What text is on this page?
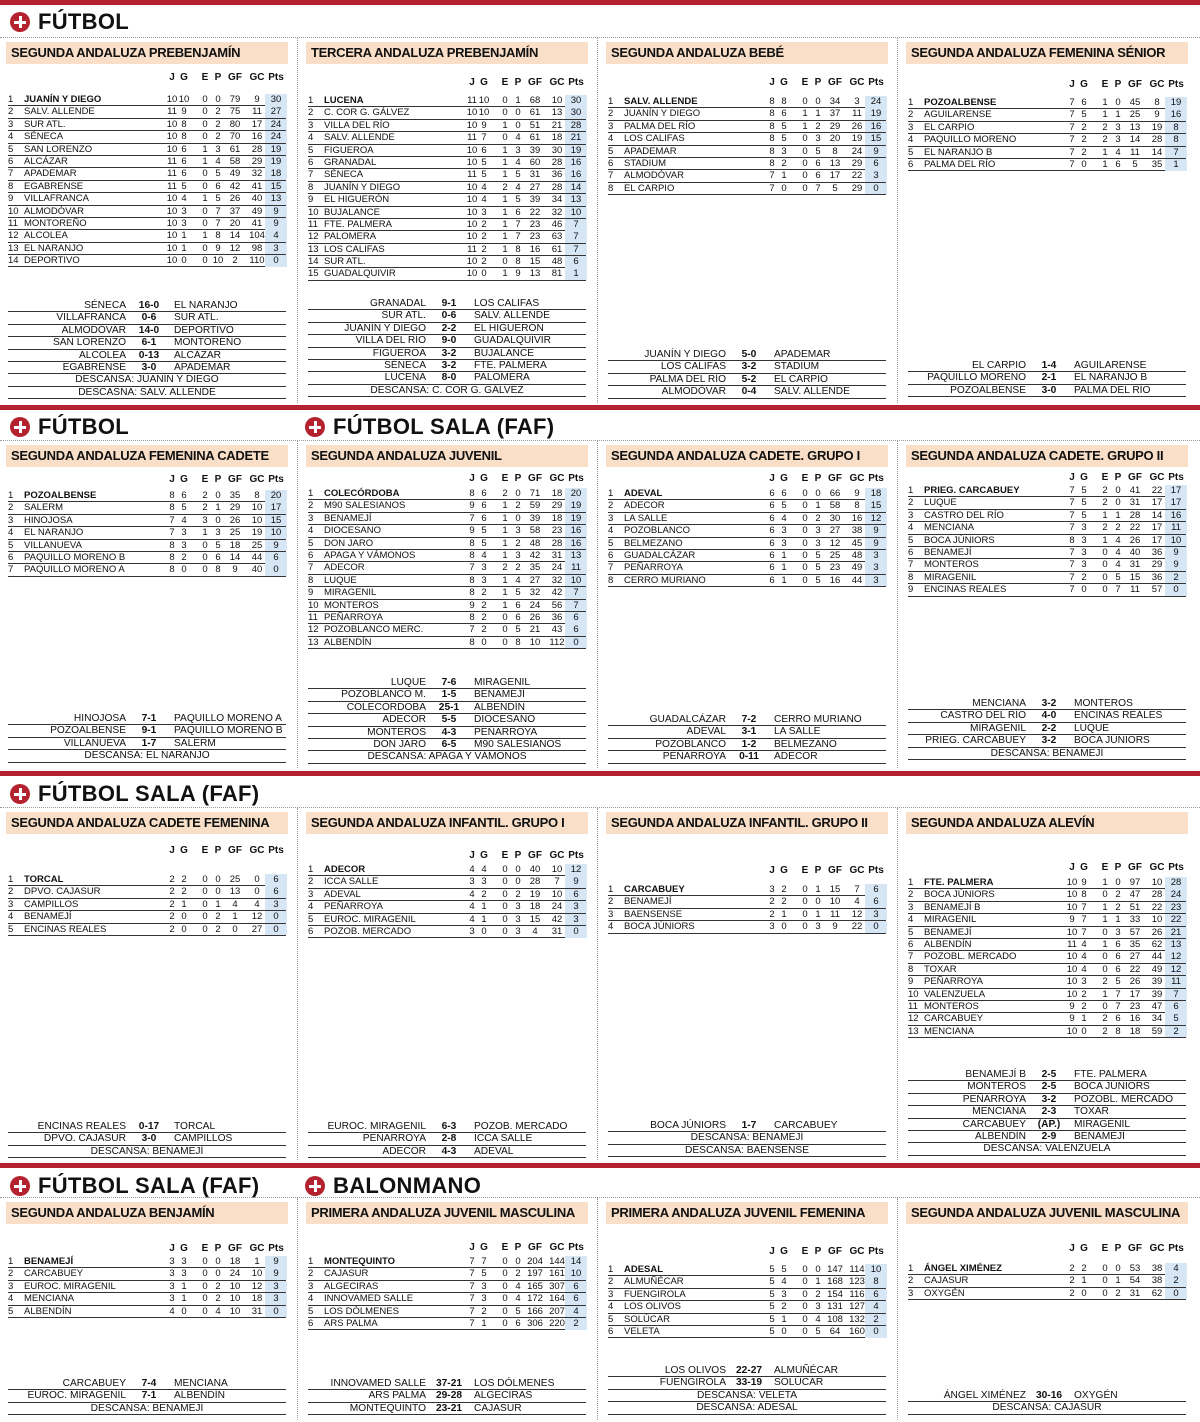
FÚTBOL
SEGUNDA ANDALUZA PREBENJAMÍN
J G	E P GF GC Pts
1	JUANÍN Y DIEGO	10 10	0 0 79	9	30
2	SALV. ALLENDE	11 9	0 2 75	11 27
3	SUR ATL.	10 8	0 2 80	17 24
4	SÉNECA	10 8	0 2 70	16 24
5	SAN LORENZO	10 6	1 3 61	28 19
6	ALCÁZAR	11 6	1 4 58	29 19
7	APADEMAR	11 6	0 5 49	32 18
8	EGABRENSE	11 5	0 6 42	41 15
9	VILLAFRANCA	10 4	1 5 26	40 13
10 ALMODÓVAR	10 3	0 7 37	49	9
11 MONTOREÑO	10 3	0 7 20	41	9
12 ALCOLEA	10 1	1 8 14 104 4
13 EL NARANJO	10 1	0 9 12	98	3
14 DEPORTIVO	10 0	0 10 2	110 0
SÉNECA	16-0	EL NARANJO
VILLAFRANCA	0-6	SUR ATL.
ALMODÓVAR	14-0	DEPORTIVO
SAN LORENZO	6-1	MONTOREÑO
ALCOLEA	0-13	ALCÁZAR
EGABRENSE	3-0	APADEMAR
DESCANSA: JUANÍN Y DIEGO
DESCASNA: SALV. ALLENDE
TERCERA ANDALUZA PREBENJAMÍN
J G	E P GF GC Pts
1	LUCENA	11 10	0 1 68	10 30
2	C. COR G. GÁLVEZ	10 10	0 0 61	13 30
3	VILLA DEL RÍO	10 9	1 0 51	21 28
4	SALV. ALLENDE	11 7	0 4 61	18 21
5	FIGUEROA	10 6	1 3 39	30 19
6	GRANADAL	10 5	1 4 60	28 16
7	SÉNECA	11 5	1 5 31	36 16
8	JUANÍN Y DIEGO	10 4	2 4 27	28 14
9	EL HIGUERÓN	10 4	1 5 39	34 13
10 BUJALANCE	10 3	1 6 22	32 10
11 FTE. PALMERA	10 2	1 7 23	46	7
12 PALOMERA	10 2	1 7 23	63	7
13 LOS CALIFAS	11 2	1 8 16	61	7
14 SUR ATL.	10 2	0 8 15	48	6
15 GUADALQUIVIR	10 0	1 9 13	81	1
GRANADAL	9-1	LOS CALIFAS
SUR ATL.	0-6	SALV. ALLENDE
JUANÍN Y DIEGO	2-2	EL HIGUERÓN
VILLA DEL RÍO	9-0	GUADALQUIVIR
FIGUEROA	3-2	BUJALANCE
SÉNECA	3-2	FTE. PALMERA
LUCENA	8-0	PALOMERA
DESCANSA: C. COR G. GÁLVEZ
SEGUNDA ANDALUZA BEBÉ
J G	E P GF GC Pts
1	SALV. ALLENDE	8 8	0 0 34	3	24
2	JUANÍN Y DIEGO	8 6	1 1 37	11 19
3	PALMA DEL RÍO	8 5	1 2 29	26 16
4	LOS CALIFAS	8 5	0 3 20	19 15
5	APADEMAR	8 3	0 5	8	24	9
6	STADIUM	8 2	0 6 13	29	6
7	ALMODÓVAR	7 1	0 6 17	22	3
8	EL CARPIO	7 0	0 7	5	29	0
JUANÍN Y DIEGO	5-0	APADEMAR
LOS CALIFAS	3-2	STADIUM
PALMA DEL RÍO	5-2	EL CARPIO
ALMODÓVAR	0-4	SALV. ALLENDE
SEGUNDA ANDALUZA FEMENINA SÉNIOR
J G	E P GF GC Pts
1	POZOALBENSE	7 6	1 0 45	8	19
2	AGUILARENSE	7 5	1 1 25	9	16
3	EL CARPIO	7 2	2 3 13	19	8
4	PAQUILLO MORENO	7 2	2 3 14	28	8
5	EL NARANJO B	7 2	1 4 11	14	7
6	PALMA DEL RÍO	7 0	1 6	5	35	1
EL CARPIO	1-4	AGUILARENSE
PAQUILLO MORENO	2-1	EL NARANJO B
POZOALBENSE	3-0	PALMA DEL RÍO
FÚTBOL	FÚTBOL SALA (FAF)
SEGUNDA ANDALUZA FEMENINA CADETE
J G	E P GF GC Pts
1	POZOALBENSE	8 6	2 0 35	8	20
2	SALERM	8 5	2 1 29	10 17
3	HINOJOSA	7 4	3 0 26	10 15
4	EL NARANJO	7 3	1 3 25	19 10
5	VILLANUEVA	8 3	0 5 18	25	9
6	PAQUILLO MORENO B	8 2	0 6 14	44	6
7	PAQUILLO MORENO A	8 0	0 8	9	40	0
HINOJOSA	7-1	PAQUILLO MORENO A
POZOALBENSE	9-1	PAQUILLO MORENO B
VILLANUEVA	1-7	SALERM
DESCANSA: EL NARANJO
SEGUNDA ANDALUZA JUVENIL
J G	E P GF GC Pts
1	COLECÓRDOBA	8 6	2 0 71	18 20
2	M90 SALESIANOS	9 6	1 2 59	29 19
3	BENAMEJÍ	7 6	1 0 39	18 19
4	DIOCESANO	9 5	1 3 58	23 16
5	DON JARO	8 5	1 2 48	28 16
6	APAGA Y VÁMONOS	8 4	1 3 42	31 13
7	ADECOR	7 3	2 2 35	24 11
8	LUQUE	8 3	1 4 27	32 10
9	MIRAGENIL	8 2	1 5 32	42	7
10 MONTEROS	9 2	1 6 24	56	7
11 PEÑARROYA	8 2	0 6 26	36	6
12 POZOBLANCO MERC.	7 2	0 5 21	43	6
13 ALBENDÍN	8 0	0 8 10 112 0
LUQUE	7-6	MIRAGENIL
POZOBLANCO M.	1-5	BENAMEJÍ
COLECÓRDOBA	25-1	ALBENDÍN
ADECOR	5-5	DIOCESANO
MONTEROS	4-3	PEÑARROYA
DON JARO	6-5	M90 SALESIANOS
DESCANSA: APAGA Y VÁMONOS
SEGUNDA ANDALUZA CADETE. GRUPO I
J G	E P GF GC Pts
1	ADEVAL	6 6	0 0 66	9	18
2	ADECOR	6 5	0 1 58	8	15
3	LA SALLE	6 4	0 2 30	16 12
4	POZOBLANCO	6 3	0 3 27	38	9
5	BELMEZANO	6 3	0 3 12	45	9
6	GUADALCÁZAR	6 1	0 5 25	48	3
7	PEÑARROYA	6 1	0 5 23	49	3
8	CERRO MURIANO	6 1	0 5 16	44	3
GUADALCÁZAR	7-2	CERRO MURIANO
ADEVAL	3-1	LA SALLE
POZOBLANCO	1-2	BELMEZANO
PEÑARROYA	0-11	ADECOR
SEGUNDA ANDALUZA CADETE. GRUPO II
J G	E P GF GC Pts
1	PRIEG. CARCABUEY	7 5	2 0 41	22 17
2	LUQUE	7 5	2 0 31	17 17
3	CASTRO DEL RÍO	7 5	1 1 28	14 16
4	MENCIANA	7 3	2 2 22	17 11
5	BOCA JÚNIORS	8 3	1 4 26	17 10
6	BENAMEJÍ	7 3	0 4 40	36	9
7	MONTEROS	7 3	0 4 31	29	9
8	MIRAGENIL	7 2	0 5 15	36	2
9	ENCINAS REALES	7 0	0 7 11	57	0
MENCIANA	3-2	MONTEROS
CASTRO DEL RÍO	4-0	ENCINAS REALES
MIRAGENIL	2-2	LUQUE
PRIEG. CARCABUEY	3-2	BOCA JÚNIORS
DESCANSA: BENAMEJÍ
FÚTBOL SALA (FAF)
SEGUNDA ANDALUZA CADETE FEMENINA
J G	E P GF GC Pts
1	TORCAL	2 2	0 0 25	0	6
2	DPVO. CAJASUR	2 2	0 0 13	0	6
3	CAMPILLOS	2 1	0 1	4	4	3
4	BENAMEJÍ	2 0	0 2	1	12	0
5	ENCINAS REALES	2 0	0 2	0	27	0
ENCINAS REALES	0-17	TORCAL
DPVO. CAJASUR	3-0	CAMPILLOS
DESCANSA: BENAMEJÍ
SEGUNDA ANDALUZA INFANTIL. GRUPO I
J G	E P GF GC Pts
1	ADECOR	4 4	0 0 40	10 12
2	ICCA SALLE	3 3	0 0 28	7	9
3	ADEVAL	4 2	0 2 19	10	6
4	PEÑARROYA	4 1	0 3 18	24	3
5	EUROC. MIRAGENIL	4 1	0 3 15	42	3
6	POZOB. MERCADO	3 0	0 3	4	31	0
EUROC. MIRAGENIL	6-3	POZOB. MERCADO
PEÑARROYA	2-8	ICCA SALLE
ADECOR	4-3	ADEVAL
SEGUNDA ANDALUZA INFANTIL. GRUPO II
J G	E P GF GC Pts
1	CARCABUEY	3 2	0 1 15	7	6
2	BENAMEJÍ	2 2	0 0 10	4	6
3	BAENSENSE	2 1	0 1 11	12	3
4	BOCA JÚNIORS	3 0	0 3	9	22	0
BOCA JÚNIORS	1-7	CARCABUEY
DESCANSA: BENAMEJÍ
DESCANSA: BAENSENSE
SEGUNDA ANDALUZA ALEVÍN
J G	E P GF GC Pts
1	FTE. PALMERA	10 9	1 0 97	10 28
2	BOCA JÚNIORS	10 8	0 2 47	28 24
3	BENAMEJÍ B	10 7	1 2 51	22 23
4	MIRAGENIL	9 7	1 1 33	10 22
5	BENAMEJÍ	10 7	0 3 57	26 21
6	ALBENDÍN	11 4	1 6 35	62 13
7	POZOBL. MERCADO	10 4	0 6 27	44 12
8	TOXAR	10 4	0 6 22	49 12
9	PEÑARROYA	10 3	2 5 26	39 11
10 VALENZUELA	10 2	1 7 17	39	7
11 MONTEROS	9 2	0 7 23	47	6
12 CARCABUEY	9 1	2 6 16	34	5
13 MENCIANA	10 0	2 8 18	59	2
BENAMEJÍ B	2-5	FTE. PALMERA
MONTEROS	2-5	BOCA JÚNIORS
PEÑARROYA	3-2	POZOBL. MERCADO
MENCIANA	2-3	TOXAR
CARCABUEY	(AP.)	MIRAGENIL
ALBENDÍN	2-9	BENAMEJÍ
DESCANSA: VALENZUELA
FÚTBOL SALA (FAF)	BALONMANO
SEGUNDA ANDALUZA BENJAMÍN
J G	E P GF GC Pts
1	BENAMEJÍ	3 3	0 0 18	1	9
2	CARCABUEY	3 3	0 0 24	10	9
3	EUROC. MIRAGENIL	3 1	0 2 10	12	3
4	MENCIANA	3 1	0 2 10	18	3
5	ALBENDÍN	4 0	0 4 10	31	0
CARCABUEY	7-4	MENCIANA
EUROC. MIRAGENIL	7-1	ALBENDÍN
DESCANSA: BENAMEJÍ
PRIMERA ANDALUZA JUVENIL MASCULINA
J G	E P GF GC Pts
1	MONTEQUINTO	7 7	0 0 204 144 14
2	CAJASUR	7 5	0 2 197 161 10
3	ALGECIRAS	7 3	0 4 165 307 6
4	INNOVAMED SALLE	7 3	0 4 172 164 6
5	LOS DÓLMENES	7 2	0 5 166 207 4
6	ARS PALMA	7 1	0 6 306 220 2
INNOVAMED SALLE 37-21	LOS DÓLMENES
ARS PALMA 29-28	ALGECIRAS
MONTEQUINTO 23-21	CAJASUR
PRIMERA ANDALUZA JUVENIL FEMENINA
J G	E P GF GC Pts
1	ADESAL	5 5	0 0 147 114 10
2	ALMUÑÉCAR	5 4	0 1 168 123 8
3	FUENGIROLA	5 3	0 2 154 116 6
4	LOS OLIVOS	5 2	0 3 131 127 4
5	SOLÚCAR	5 1	0 4 108 132 2
6	VELETA	5 0	0 5 64 160 0
LOS OLIVOS 22-27	ALMUÑÉCAR
FUENGIROLA 33-19	SOLÚCAR
DESCANSA: VELETA
DESCANSA: ADESAL
SEGUNDA ANDALUZA JUVENIL MASCULINA
J G	E P GF GC Pts
1	ÁNGEL XIMÉNEZ	2 2	0 0 53	38	4
2	CAJASUR	2 1	0 1 54	38	2
3	OXYGÉN	2 0	0 2 31	62	0
ÁNGEL XIMÉNEZ 30-16	OXYGÉN
DESCANSA: CAJASUR
